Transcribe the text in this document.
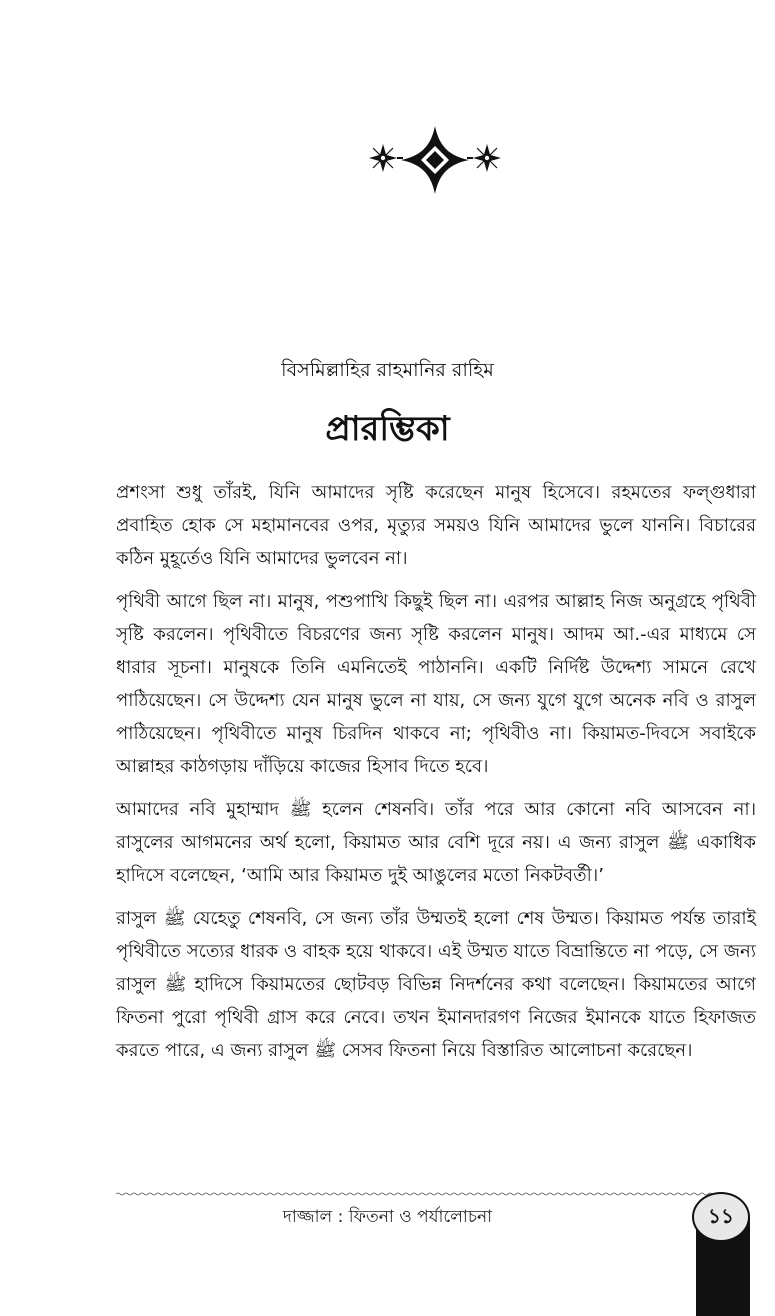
বিসমিল্লাহির রাহমানির রাহিম
প্রারম্ভিকা

প্রশংসা শুধু তাঁরই, যিনি আমাদের সৃষ্টি করেছেন মানুষ হিসেবে। রহমতের ফল্গুধারা প্রবাহিত হোক সে মহামানবের ওপর, মৃত্যুর সময়ও যিনি আমাদের ভুলে যাননি। বিচারের কঠিন মুহূর্তেও যিনি আমাদের ভুলবেন না।

পৃথিবী আগে ছিল না। মানুষ, পশুপাখি কিছুই ছিল না। এরপর আল্লাহ নিজ অনুগ্রহে পৃথিবী সৃষ্টি করলেন। পৃথিবীতে বিচরণের জন্য সৃষ্টি করলেন মানুষ। আদম আ.-এর মাধ্যমে সে ধারার সূচনা। মানুষকে তিনি এমনিতেই পাঠাননি। একটি নির্দিষ্ট উদ্দেশ্য সামনে রেখে পাঠিয়েছেন। সে উদ্দেশ্য যেন মানুষ ভুলে না যায়, সে জন্য যুগে যুগে অনেক নবি ও রাসুল পাঠিয়েছেন। পৃথিবীতে মানুষ চিরদিন থাকবে না; পৃথিবীও না। কিয়ামত-দিবসে সবাইকে আল্লাহর কাঠগড়ায় দাঁড়িয়ে কাজের হিসাব দিতে হবে।

আমাদের নবি মুহাম্মাদ ﷺ হলেন শেষনবি। তাঁর পরে আর কোনো নবি আসবেন না। রাসুলের আগমনের অর্থ হলো, কিয়ামত আর বেশি দূরে নয়। এ জন্য রাসুল ﷺ একাধিক হাদিসে বলেছেন, ‘আমি আর কিয়ামত দুই আঙুলের মতো নিকটবর্তী।’

রাসুল ﷺ যেহেতু শেষনবি, সে জন্য তাঁর উম্মতই হলো শেষ উম্মত। কিয়ামত পর্যন্ত তারাই পৃথিবীতে সত্যের ধারক ও বাহক হয়ে থাকবে। এই উম্মত যাতে বিভ্রান্তিতে না পড়ে, সে জন্য রাসুল ﷺ হাদিসে কিয়ামতের ছোটবড় বিভিন্ন নিদর্শনের কথা বলেছেন। কিয়ামতের আগে ফিতনা পুরো পৃথিবী গ্রাস করে নেবে। তখন ইমানদারগণ নিজের ইমানকে যাতে হিফাজত করতে পারে, এ জন্য রাসুল ﷺ সেসব ফিতনা নিয়ে বিস্তারিত আলোচনা করেছেন।

দাজ্জাল : ফিতনা ও পর্যালোচনা	১১
